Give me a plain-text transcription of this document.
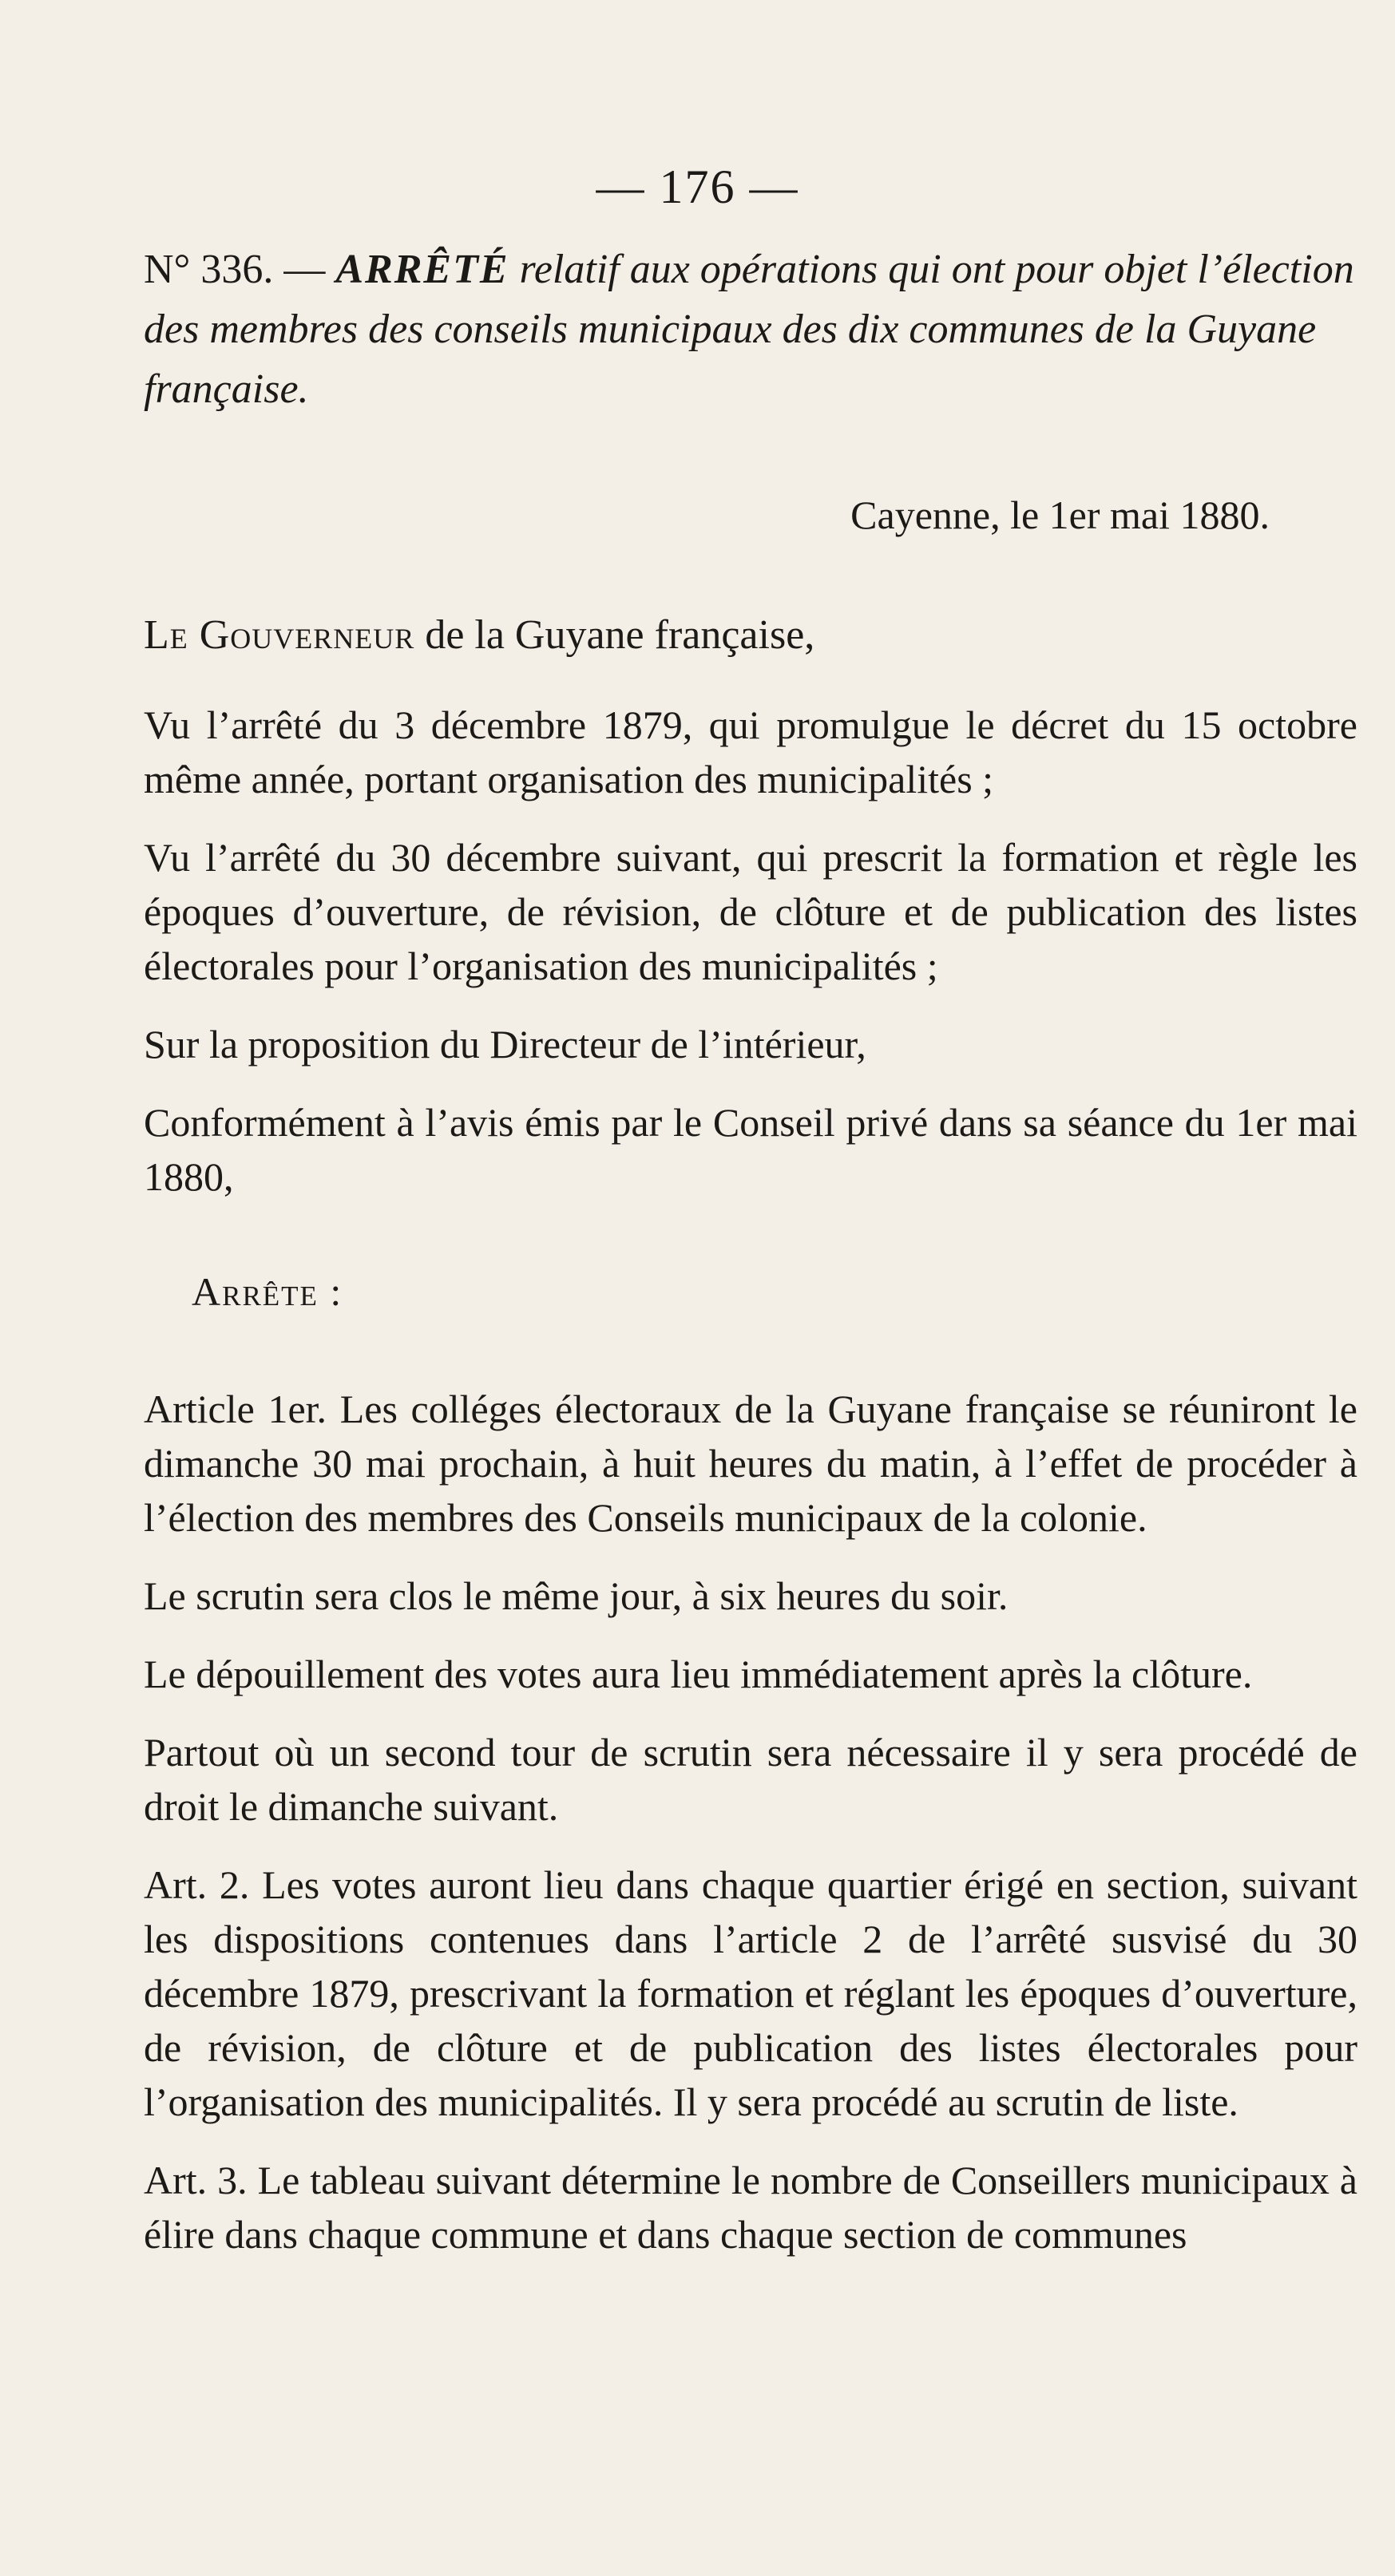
— 176 —

N° 336. — ARRÊTÉ relatif aux opérations qui ont pour objet l’élection des membres des conseils municipaux des dix communes de la Guyane française.

Cayenne, le 1er mai 1880.

Le Gouverneur de la Guyane française,

Vu l’arrêté du 3 décembre 1879, qui promulgue le décret du 15 octobre même année, portant organisation des municipalités ;

Vu l’arrêté du 30 décembre suivant, qui prescrit la formation et règle les époques d’ouverture, de révision, de clôture et de publication des listes électorales pour l’organisation des municipalités ;

Sur la proposition du Directeur de l’intérieur,

Conformément à l’avis émis par le Conseil privé dans sa séance du 1er mai 1880,

Arrête :

Article 1er. Les colléges électoraux de la Guyane française se réuniront le dimanche 30 mai prochain, à huit heures du matin, à l’effet de procéder à l’élection des membres des Conseils municipaux de la colonie.

Le scrutin sera clos le même jour, à six heures du soir.

Le dépouillement des votes aura lieu immédiatement après la clôture.

Partout où un second tour de scrutin sera nécessaire il y sera procédé de droit le dimanche suivant.

Art. 2. Les votes auront lieu dans chaque quartier érigé en section, suivant les dispositions contenues dans l’article 2 de l’arrêté susvisé du 30 décembre 1879, prescrivant la formation et réglant les époques d’ouverture, de révision, de clôture et de publication des listes électorales pour l’organisation des municipalités. Il y sera procédé au scrutin de liste.

Art. 3. Le tableau suivant détermine le nombre de Conseillers municipaux à élire dans chaque commune et dans chaque section de communes
